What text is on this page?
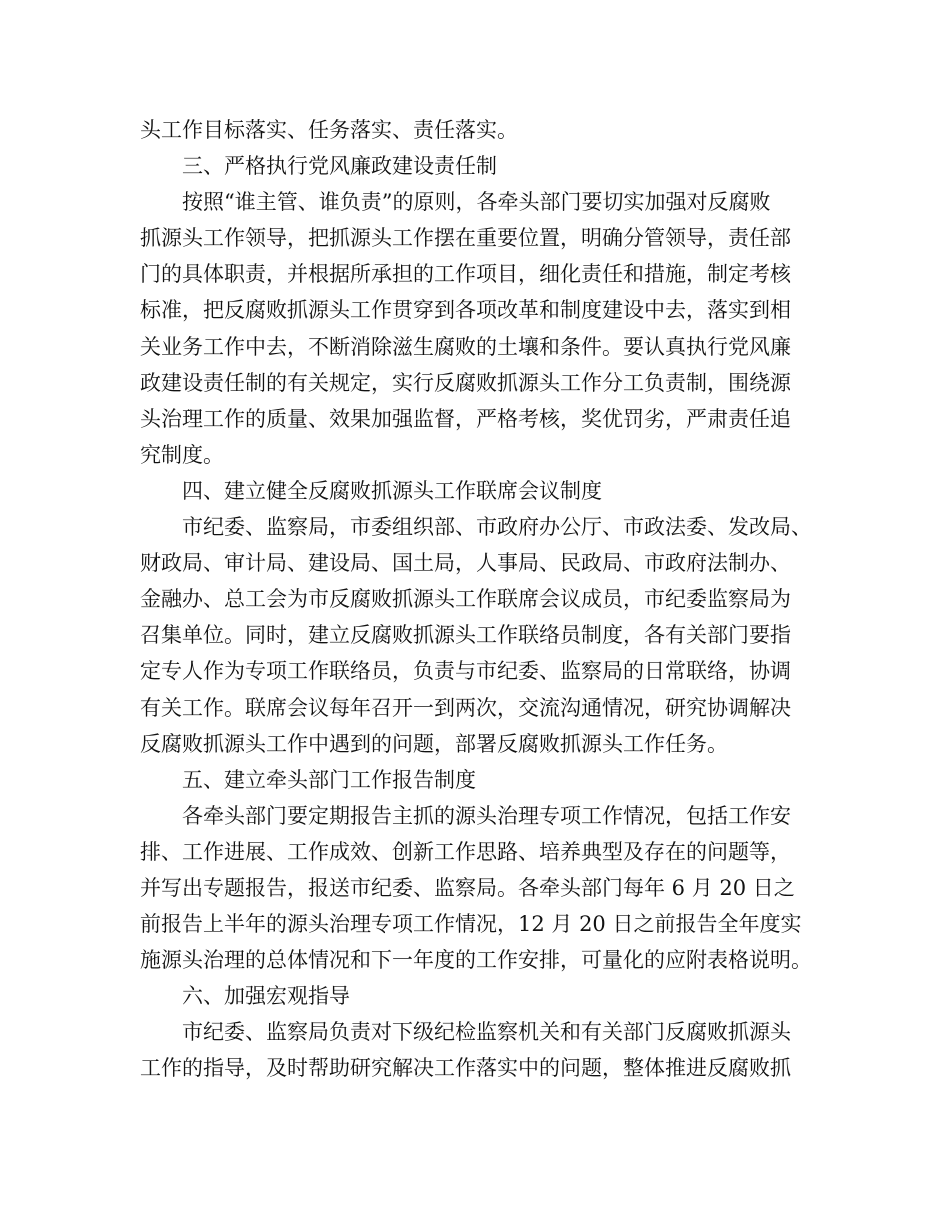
头工作目标落实、任务落实、责任落实。
三、严格执行党风廉政建设责任制
按照“谁主管、谁负责”的原则，各牵头部门要切实加强对反腐败
抓源头工作领导，把抓源头工作摆在重要位置，明确分管领导，责任部
门的具体职责，并根据所承担的工作项目，细化责任和措施，制定考核
标准，把反腐败抓源头工作贯穿到各项改革和制度建设中去，落实到相
关业务工作中去，不断消除滋生腐败的土壤和条件。要认真执行党风廉
政建设责任制的有关规定，实行反腐败抓源头工作分工负责制，围绕源
头治理工作的质量、效果加强监督，严格考核，奖优罚劣，严肃责任追
究制度。
四、建立健全反腐败抓源头工作联席会议制度
市纪委、监察局，市委组织部、市政府办公厅、市政法委、发改局、
财政局、审计局、建设局、国土局，人事局、民政局、市政府法制办、
金融办、总工会为市反腐败抓源头工作联席会议成员，市纪委监察局为
召集单位。同时，建立反腐败抓源头工作联络员制度，各有关部门要指
定专人作为专项工作联络员，负责与市纪委、监察局的日常联络，协调
有关工作。联席会议每年召开一到两次，交流沟通情况，研究协调解决
反腐败抓源头工作中遇到的问题，部署反腐败抓源头工作任务。
五、建立牵头部门工作报告制度
各牵头部门要定期报告主抓的源头治理专项工作情况，包括工作安
排、工作进展、工作成效、创新工作思路、培养典型及存在的问题等，
并写出专题报告，报送市纪委、监察局。各牵头部门每年 6 月 20 日之
前报告上半年的源头治理专项工作情况，12 月 20 日之前报告全年度实
施源头治理的总体情况和下一年度的工作安排，可量化的应附表格说明。
六、加强宏观指导
市纪委、监察局负责对下级纪检监察机关和有关部门反腐败抓源头
工作的指导，及时帮助研究解决工作落实中的问题，整体推进反腐败抓
